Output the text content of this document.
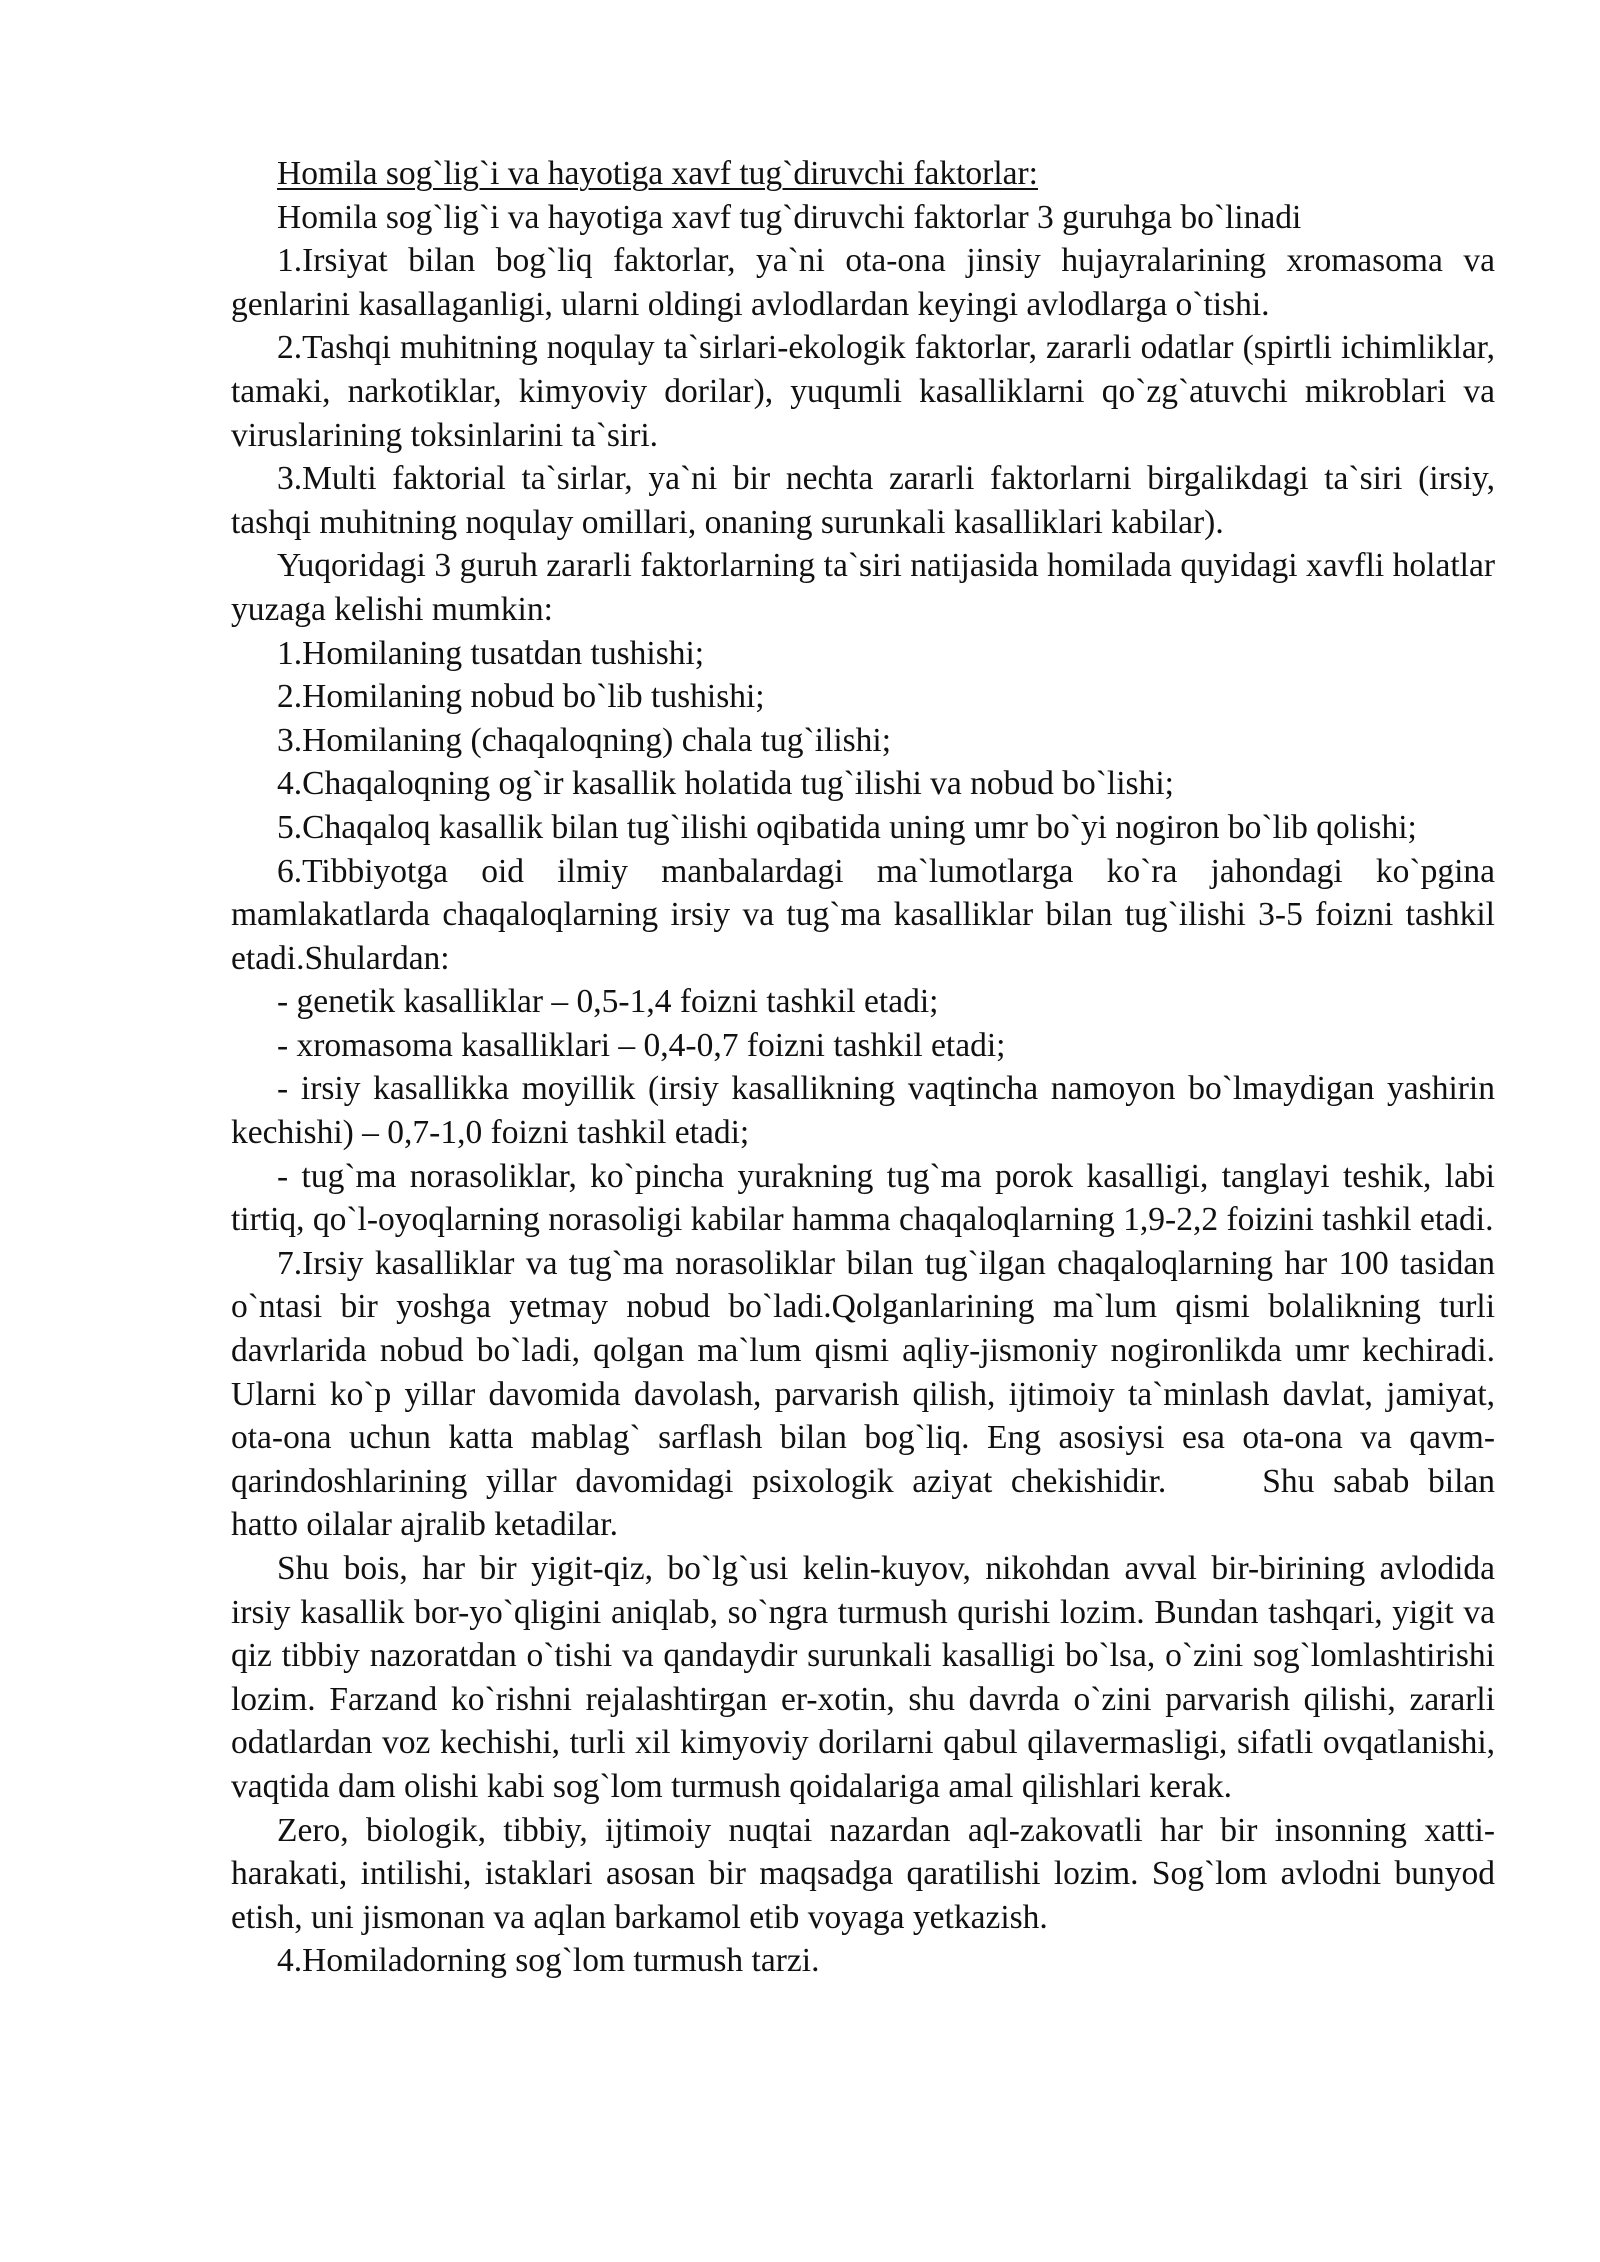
Homila sog`lig`i va hayotiga xavf tug`diruvchi faktorlar:

Homila sog`lig`i va hayotiga xavf tug`diruvchi faktorlar 3 guruhga bo`linadi

1.Irsiyat bilan bog`liq faktorlar, ya`ni ota-ona jinsiy hujayralarining xromasoma va genlarini kasallaganligi, ularni oldingi avlodlardan keyingi avlodlarga o`tishi.

2.Tashqi muhitning noqulay ta`sirlari-ekologik faktorlar, zararli odatlar (spirtli ichimliklar, tamaki, narkotiklar, kimyoviy dorilar), yuqumli kasalliklarni qo`zg`atuvchi mikroblari va viruslarining toksinlarini ta`siri.

3.Multi faktorial ta`sirlar, ya`ni bir nechta zararli faktorlarni birgalikdagi ta`siri (irsiy, tashqi muhitning noqulay omillari, onaning surunkali kasalliklari kabilar).

Yuqoridagi 3 guruh zararli faktorlarning ta`siri natijasida homilada quyidagi xavfli holatlar yuzaga kelishi mumkin:

1.Homilaning tusatdan tushishi;

2.Homilaning nobud bo`lib tushishi;

3.Homilaning (chaqaloqning) chala tug`ilishi;

4.Chaqaloqning og`ir kasallik holatida tug`ilishi va nobud bo`lishi;

5.Chaqaloq kasallik bilan tug`ilishi oqibatida uning umr bo`yi nogiron bo`lib qolishi;

6.Tibbiyotga oid ilmiy manbalardagi ma`lumotlarga ko`ra jahondagi ko`pgina mamlakatlarda chaqaloqlarning irsiy va tug`ma kasalliklar bilan tug`ilishi 3-5 foizni tashkil etadi.Shulardan:

- genetik kasalliklar – 0,5-1,4 foizni tashkil etadi;

- xromasoma kasalliklari – 0,4-0,7 foizni tashkil etadi;

- irsiy kasallikka moyillik (irsiy kasallikning vaqtincha namoyon bo`lmaydigan yashirin kechishi) – 0,7-1,0 foizni tashkil etadi;

- tug`ma norasoliklar, ko`pincha yurakning tug`ma porok kasalligi, tanglayi teshik, labi tirtiq, qo`l-oyoqlarning norasoligi kabilar hamma chaqaloqlarning 1,9-2,2 foizini tashkil etadi.

7.Irsiy kasalliklar va tug`ma norasoliklar bilan tug`ilgan chaqaloqlarning har 100 tasidan o`ntasi bir yoshga yetmay nobud bo`ladi.Qolganlarining ma`lum qismi bolalikning turli davrlarida nobud bo`ladi, qolgan ma`lum qismi aqliy-jismoniy nogironlikda umr kechiradi. Ularni ko`p yillar davomida davolash, parvarish qilish, ijtimoiy ta`minlash davlat, jamiyat, ota-ona uchun katta mablag` sarflash bilan bog`liq. Eng asosiysi esa ota-ona va qavm-qarindoshlarining yillar davomidagi psixologik aziyat chekishidir.	Shu sabab bilan hatto oilalar ajralib ketadilar.

Shu bois, har bir yigit-qiz, bo`lg`usi kelin-kuyov, nikohdan avval bir-birining avlodida irsiy kasallik bor-yo`qligini aniqlab, so`ngra turmush qurishi lozim. Bundan tashqari, yigit va qiz tibbiy nazoratdan o`tishi va qandaydir surunkali kasalligi bo`lsa, o`zini sog`lomlashtirishi lozim. Farzand ko`rishni rejalashtirgan er-xotin, shu davrda o`zini parvarish qilishi, zararli odatlardan voz kechishi, turli xil kimyoviy dorilarni qabul qilavermasligi, sifatli ovqatlanishi, vaqtida dam olishi kabi sog`lom turmush qoidalariga amal qilishlari kerak.

Zero, biologik, tibbiy, ijtimoiy nuqtai nazardan aql-zakovatli har bir insonning xatti-harakati, intilishi, istaklari asosan bir maqsadga qaratilishi lozim. Sog`lom avlodni bunyod etish, uni jismonan va aqlan barkamol etib voyaga yetkazish.

4.Homiladorning sog`lom turmush tarzi.
